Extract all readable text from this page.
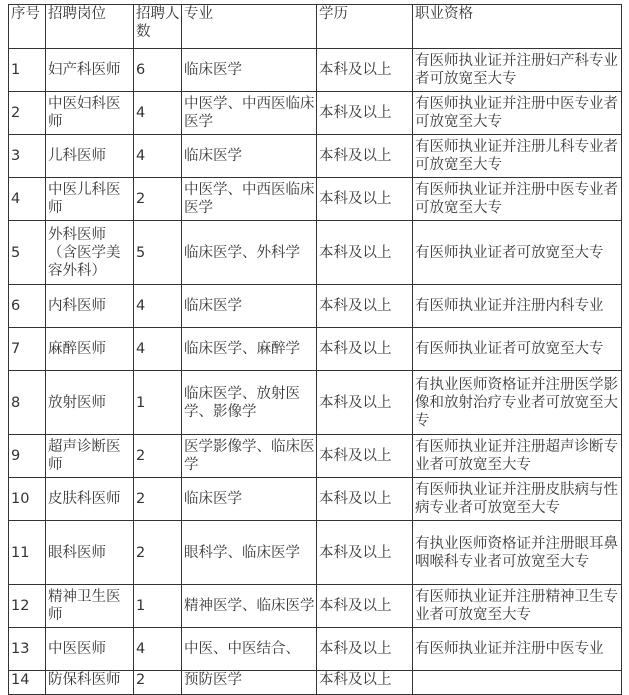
序号	招聘岗位	招聘人数	专业	学历	职业资格
1	妇产科医师	6	临床医学	本科及以上	有医师执业证并注册妇产科专业者可放宽至大专
2	中医妇科医师	4	中医学、中西医临床医学	本科及以上	有医师执业证并注册中医专业者可放宽至大专
3	儿科医师	4	临床医学	本科及以上	有医师执业证并注册儿科专业者可放宽至大专
4	中医儿科医师	2	中医学、中西医临床医学	本科及以上	有医师执业证并注册中医专业者可放宽至大专
5	外科医师（含医学美容外科）	5	临床医学、外科学	本科及以上	有医师执业证者可放宽至大专
6	内科医师	4	临床医学	本科及以上	有医师执业证并注册内科专业
7	麻醉医师	4	临床医学、麻醉学	本科及以上	有医师执业证者可放宽至大专
8	放射医师	1	临床医学、放射医学、影像学	本科及以上	有执业医师资格证并注册医学影像和放射治疗专业者可放宽至大专
9	超声诊断医师	2	医学影像学、临床医学	本科及以上	有医师执业证并注册超声诊断专业者可放宽至大专
10	皮肤科医师	2	临床医学	本科及以上	有医师执业证并注册皮肤病与性病专业者可放宽至大专
11	眼科医师	2	眼科学、临床医学	本科及以上	有执业医师资格证并注册眼耳鼻咽喉科专业者可放宽至大专
12	精神卫生医师	1	精神医学、临床医学	本科及以上	有医师执业证并注册精神卫生专业者可放宽至大专
13	中医医师	4	中医、中医结合、	本科及以上	有医师执业证并注册中医专业
14	防保科医师	2	预防医学	本科及以上	
